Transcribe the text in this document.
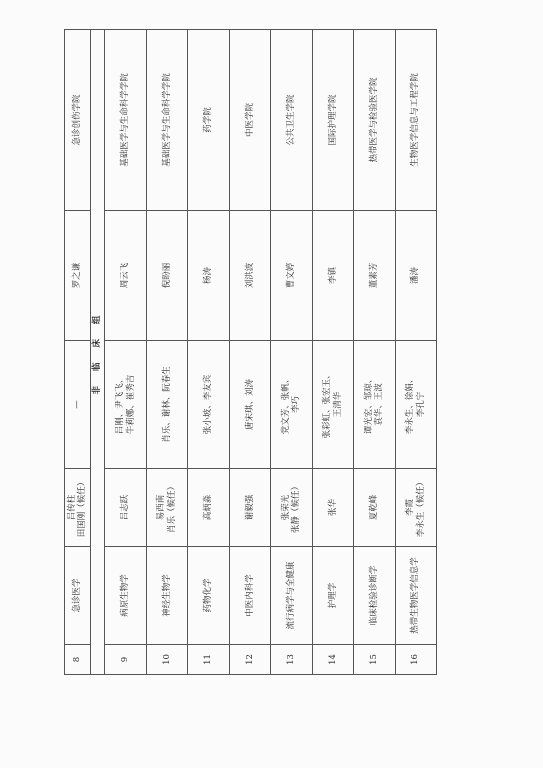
8	急诊医学	吕传柱 田国刚（候任）	—	罗之谦	急诊创伤学院
非 临 床 组					
9	病原生物学	吕志跃	吕刚、尹飞飞、 牛莉娜、崔秀吉	周云飞	基础医学与生命科学学院
10	神经生物学	易西南 肖乐（候任）	肖乐、谢林、阮春生	倪盼丽	基础医学与生命科学学院
11	药物化学	高炳淼	张小坡、李友宾	杨涛	药学院
12	中医内科学	谢毅强	唐宋琪、刘涛	刘洪波	中医学院
13	流行病学与全健康	张荣光 张静（候任）	党文芳、张帆、 李巧	曹文婷	公共卫生学院
14	护理学	张华	张彩虹、张宏玉、 王清华	李镇	国际护理学院
15	临床检验诊断学	夏乾峰	谭光宏、邹琼、 袁华、王波	董素芳	热带医学与检验医学院
16	热带生物医学信息学	李霞 李永生（候任）	李永生、徐娟、 李孔宁	潘涛	生物医学信息与工程学院
